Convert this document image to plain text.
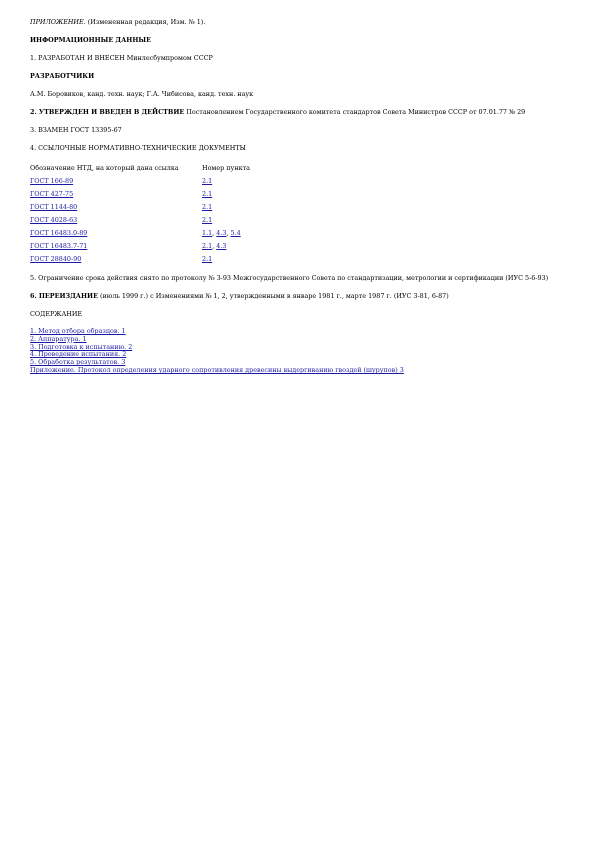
ПРИЛОЖЕНИЕ. (Измененная редакция, Изм. № 1).

ИНФОРМАЦИОННЫЕ ДАННЫЕ

1. РАЗРАБОТАН И ВНЕСЕН Минлесбумпромом СССР

РАЗРАБОТЧИКИ

А.М. Боровиков, канд. техн. наук; Г.А. Чибисова, канд. техн. наук

2. УТВЕРЖДЕН И ВВЕДЕН В ДЕЙСТВИЕ Постановлением Государственного комитета стандартов Совета Министров СССР от 07.01.77 № 29

3. ВЗАМЕН ГОСТ 13395-67

4. ССЫЛОЧНЫЕ НОРМАТИВНО-ТЕХНИЧЕСКИЕ ДОКУМЕНТЫ

Обозначение НТД, на который дана ссылка	Номер пункта
ГОСТ 166-89	2.1
ГОСТ 427-75	2.1
ГОСТ 1144-80	2.1
ГОСТ 4028-63	2.1
ГОСТ 16483.0-89	1.1, 4.3, 5.4
ГОСТ 16483.7-71	2.1, 4.3
ГОСТ 28840-90	2.1

5. Ограничение срока действия снято по протоколу № 3-93 Межгосударственного Совета по стандартизации, метрологии и сертификации (ИУС 5-6-93)

6. ПЕРЕИЗДАНИЕ (июль 1999 г.) с Изменениями № 1, 2, утвержденными в январе 1981 г., марте 1987 г. (ИУС 3-81, 6-87)

СОДЕРЖАНИЕ

1. Метод отбора образцов. 1
2. Аппаратура. 1
3. Подготовка к испытанию. 2
4. Проведение испытания. 2
5. Обработка результатов. 3
Приложение. Протокол определения ударного сопротивления древесины выдергиванию гвоздей (шурупов) 3
